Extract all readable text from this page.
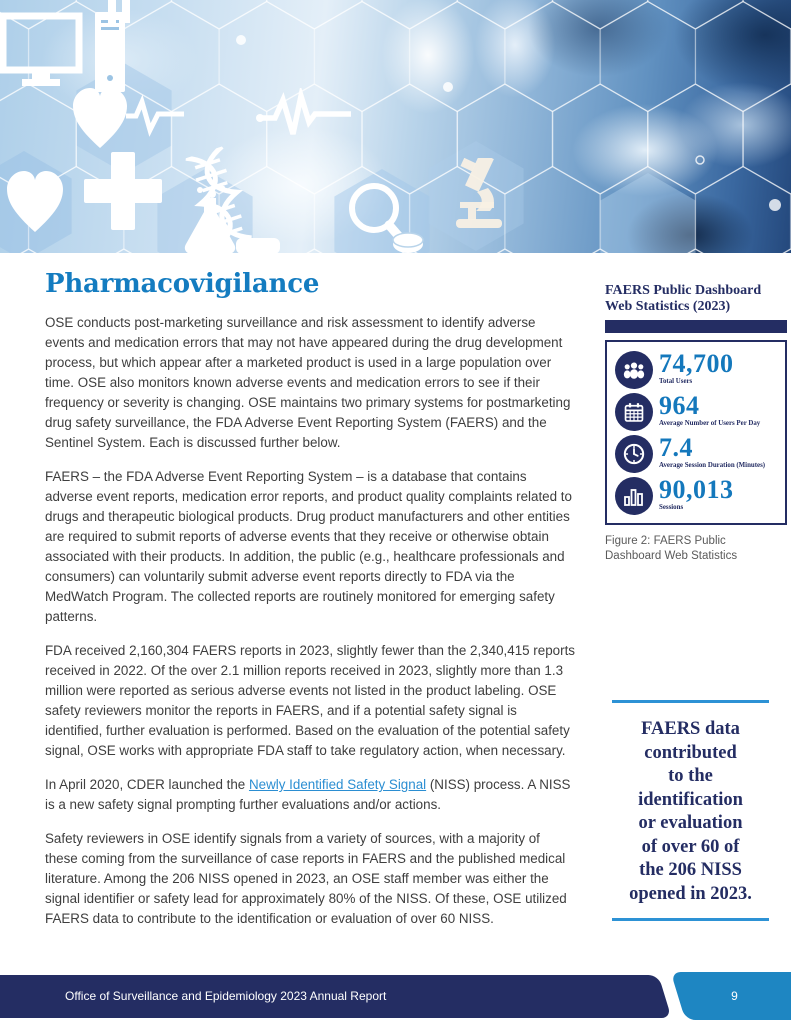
Pharmacovigilance

OSE conducts post-marketing surveillance and risk assessment to identify adverse events and medication errors that may not have appeared during the drug development process, but which appear after a marketed product is used in a large population over time. OSE also monitors known adverse events and medication errors to see if their frequency or severity is changing. OSE maintains two primary systems for postmarketing drug safety surveillance, the FDA Adverse Event Reporting System (FAERS) and the Sentinel System. Each is discussed further below.

FAERS – the FDA Adverse Event Reporting System – is a database that contains adverse event reports, medication error reports, and product quality complaints related to drugs and therapeutic biological products. Drug product manufacturers and other entities are required to submit reports of adverse events that they receive or otherwise obtain associated with their products. In addition, the public (e.g., healthcare professionals and consumers) can voluntarily submit adverse event reports directly to FDA via the MedWatch Program. The collected reports are routinely monitored for emerging safety patterns.

FDA received 2,160,304 FAERS reports in 2023, slightly fewer than the 2,340,415 reports received in 2022. Of the over 2.1 million reports received in 2023, slightly more than 1.3 million were reported as serious adverse events not listed in the product labeling. OSE safety reviewers monitor the reports in FAERS, and if a potential safety signal is identified, further evaluation is performed. Based on the evaluation of the potential safety signal, OSE works with appropriate FDA staff to take regulatory action, when necessary.

In April 2020, CDER launched the Newly Identified Safety Signal (NISS) process. A NISS is a new safety signal prompting further evaluations and/or actions.

Safety reviewers in OSE identify signals from a variety of sources, with a majority of these coming from the surveillance of case reports in FAERS and the published medical literature. Among the 206 NISS opened in 2023, an OSE staff member was either the signal identifier or safety lead for approximately 80% of the NISS. Of these, OSE utilized FAERS data to contribute to the identification or evaluation of over 60 NISS.

FAERS Public Dashboard
Web Statistics (2023)
74,700
Total Users
964
Average Number of Users Per Day
7.4
Average Session Duration (Minutes)
90,013
Sessions
Figure 2: FAERS Public
Dashboard Web Statistics
FAERS data
contributed
to the
identification
or evaluation
of over 60 of
the 206 NISS
opened in 2023.
Office of Surveillance and Epidemiology 2023 Annual Report	9
